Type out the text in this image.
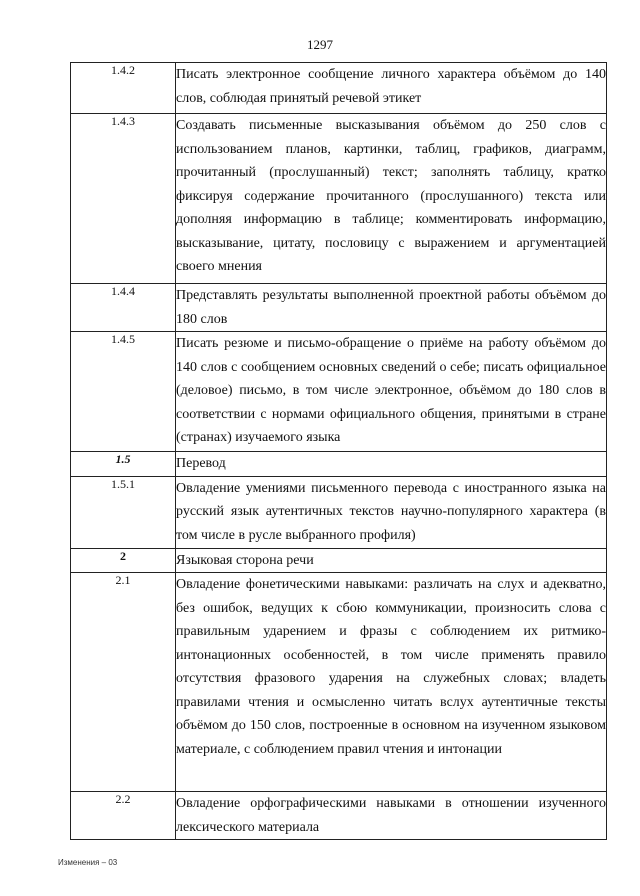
1297
1.4.2	Писать электронное сообщение личного характера объёмом до 140 слов, соблюдая принятый речевой этикет
1.4.3	Создавать письменные высказывания объёмом до 250 слов с использованием планов, картинки, таблиц, графиков, диаграмм, прочитанный (прослушанный) текст; заполнять таблицу, кратко фиксируя содержание прочитанного (прослушанного) текста или дополняя информацию в таблице; комментировать информацию, высказывание, цитату, пословицу с выражением и аргументацией своего мнения
1.4.4	Представлять результаты выполненной проектной работы объёмом до 180 слов
1.4.5	Писать резюме и письмо-обращение о приёме на работу объёмом до 140 слов с сообщением основных сведений о себе; писать официальное (деловое) письмо, в том числе электронное, объёмом до 180 слов в соответствии с нормами официального общения, принятыми в стране (странах) изучаемого языка
1.5	Перевод
1.5.1	Овладение умениями письменного перевода с иностранного языка на русский язык аутентичных текстов научно-популярного характера (в том числе в русле выбранного профиля)
2	Языковая сторона речи
2.1	Овладение фонетическими навыками: различать на слух и адекватно, без ошибок, ведущих к сбою коммуникации, произносить слова с правильным ударением и фразы с соблюдением их ритмико-интонационных особенностей, в том числе применять правило отсутствия фразового ударения на служебных словах; владеть правилами чтения и осмысленно читать вслух аутентичные тексты объёмом до 150 слов, построенные в основном на изученном языковом материале, с соблюдением правил чтения и интонации
2.2	Овладение орфографическими навыками в отношении изученного лексического материала
Изменения – 03
